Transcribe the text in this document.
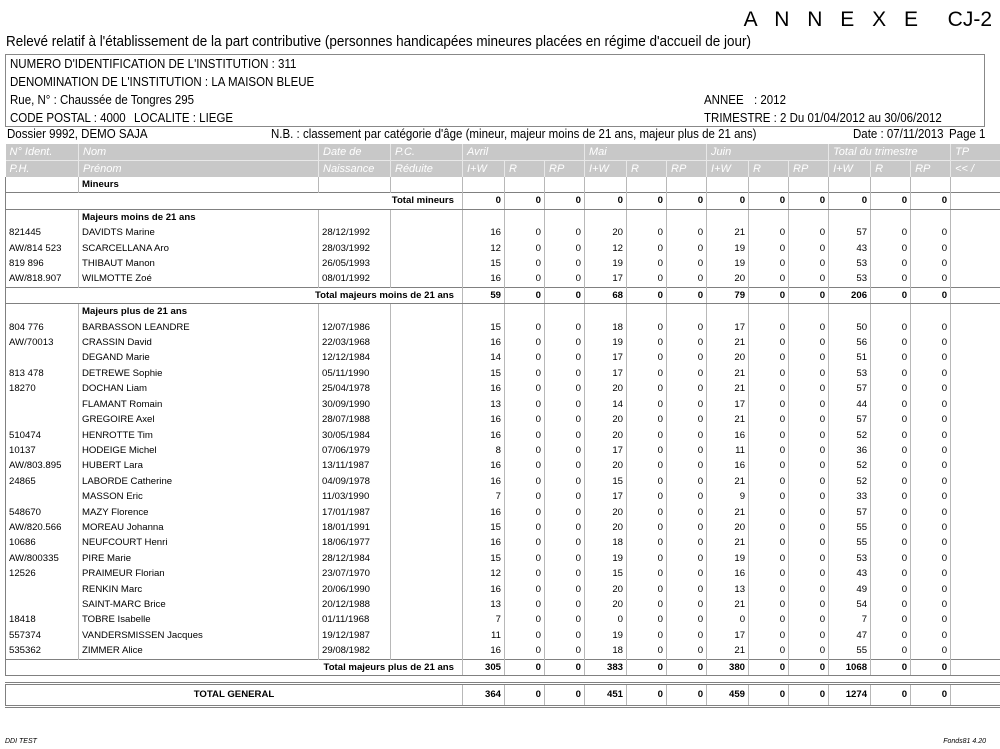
A N N E X E CJ-2
Relevé relatif à l'établissement de la part contributive (personnes handicapées mineures placées en régime d'accueil de jour)
NUMERO D'IDENTIFICATION DE L'INSTITUTION : 311
DENOMINATION DE L'INSTITUTION : LA MAISON BLEUE
Rue, N° : Chaussée de Tongres 295	ANNEE : 2012
CODE POSTAL : 4000 LOCALITE : LIEGE	TRIMESTRE : 2 Du 01/04/2012 au 30/06/2012
Dossier 9992, DEMO SAJA	N.B. : classement par catégorie d'âge (mineur, majeur moins de 21 ans, majeur plus de 21 ans)	Date : 07/11/2013 Page 1
N° Ident.	Nom	Date de	P.C.	Avril			Mai			Juin			Total du trimestre			TP
P.H.	Prénom	Naissance	Réduite	I+W	R	RP	I+W	R	RP	I+W	R	RP	I+W	R	RP	<< /
	Mineurs															
Total mineurs				0	0	0	0	0	0	0	0	0	0	0	0	
	Majeurs moins de 21 ans															
821445	DAVIDTS Marine	28/12/1992		16	0	0	20	0	0	21	0	0	57	0	0	
AW/814 523	SCARCELLANA Aro	28/03/1992		12	0	0	12	0	0	19	0	0	43	0	0	
819 896	THIBAUT Manon	26/05/1993		15	0	0	19	0	0	19	0	0	53	0	0	
AW/818.907	WILMOTTE Zoé	08/01/1992		16	0	0	17	0	0	20	0	0	53	0	0	
Total majeurs moins de 21 ans				59	0	0	68	0	0	79	0	0	206	0	0	
	Majeurs plus de 21 ans															
804 776	BARBASSON LEANDRE	12/07/1986		15	0	0	18	0	0	17	0	0	50	0	0	
AW/70013	CRASSIN David	22/03/1968		16	0	0	19	0	0	21	0	0	56	0	0	
	DEGAND Marie	12/12/1984		14	0	0	17	0	0	20	0	0	51	0	0	
813 478	DETREWE Sophie	05/11/1990		15	0	0	17	0	0	21	0	0	53	0	0	
18270	DOCHAN Liam	25/04/1978		16	0	0	20	0	0	21	0	0	57	0	0	
	FLAMANT Romain	30/09/1990		13	0	0	14	0	0	17	0	0	44	0	0	
	GREGOIRE Axel	28/07/1988		16	0	0	20	0	0	21	0	0	57	0	0	
510474	HENROTTE Tim	30/05/1984		16	0	0	20	0	0	16	0	0	52	0	0	
10137	HODEIGE Michel	07/06/1979		8	0	0	17	0	0	11	0	0	36	0	0	
AW/803.895	HUBERT Lara	13/11/1987		16	0	0	20	0	0	16	0	0	52	0	0	
24865	LABORDE Catherine	04/09/1978		16	0	0	15	0	0	21	0	0	52	0	0	
	MASSON Eric	11/03/1990		7	0	0	17	0	0	9	0	0	33	0	0	
548670	MAZY Florence	17/01/1987		16	0	0	20	0	0	21	0	0	57	0	0	
AW/820.566	MOREAU Johanna	18/01/1991		15	0	0	20	0	0	20	0	0	55	0	0	
10686	NEUFCOURT Henri	18/06/1977		16	0	0	18	0	0	21	0	0	55	0	0	
AW/800335	PIRE Marie	28/12/1984		15	0	0	19	0	0	19	0	0	53	0	0	
12526	PRAIMEUR Florian	23/07/1970		12	0	0	15	0	0	16	0	0	43	0	0	
	RENKIN Marc	20/06/1990		16	0	0	20	0	0	13	0	0	49	0	0	
	SAINT-MARC Brice	20/12/1988		13	0	0	20	0	0	21	0	0	54	0	0	
18418	TOBRE Isabelle	01/11/1968		7	0	0	0	0	0	0	0	0	7	0	0	
557374	VANDERSMISSEN Jacques	19/12/1987		11	0	0	19	0	0	17	0	0	47	0	0	
535362	ZIMMER Alice	29/08/1982		16	0	0	18	0	0	21	0	0	55	0	0	
Total majeurs plus de 21 ans				305	0	0	383	0	0	380	0	0	1068	0	0	

TOTAL GENERAL				364	0	0	451	0	0	459	0	0	1274	0	0	
DDI TEST	Fonds81 4.20
